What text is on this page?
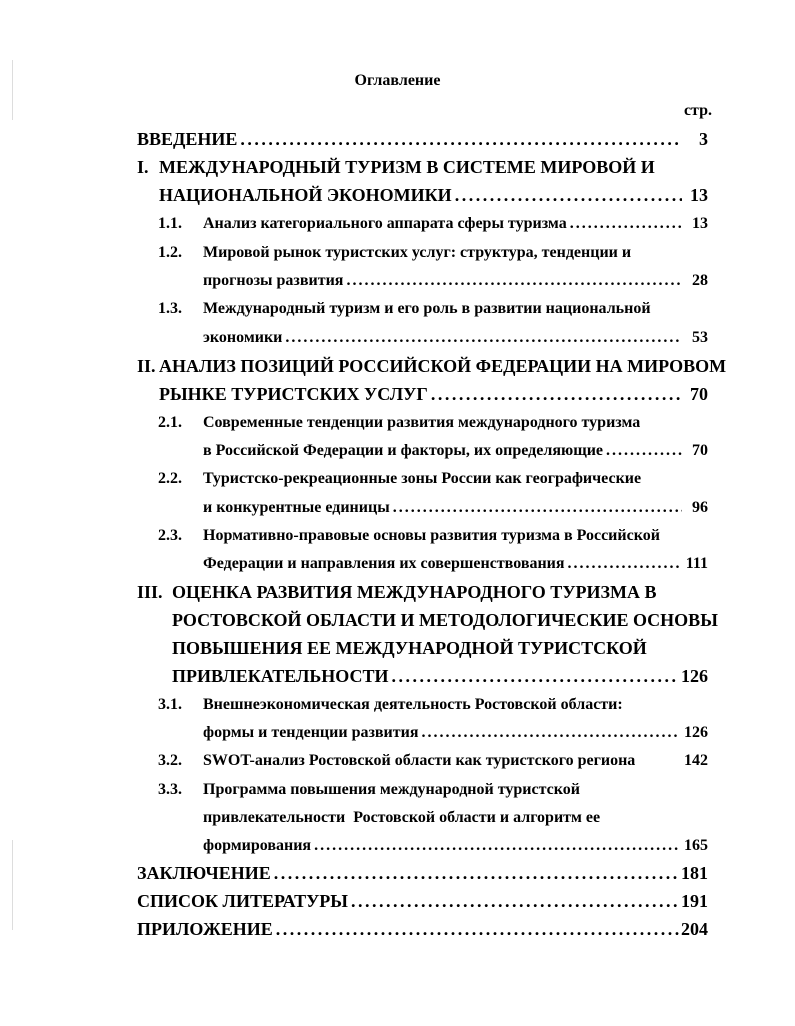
Оглавление
стр.
ВВЕДЕНИЕ . . .	3
I. МЕЖДУНАРОДНЫЙ ТУРИЗМ В СИСТЕМЕ МИРОВОЙ И
НАЦИОНАЛЬНОЙ ЭКОНОМИКИ . . .	13
1.1. Анализ категориального аппарата сферы туризма . . .	13
1.2. Мировой рынок туристских услуг: структура, тенденции и
прогнозы развития . . .	28
1.3. Международный туризм и его роль в развитии национальной
экономики . . .	53
II. АНАЛИЗ ПОЗИЦИЙ РОССИЙСКОЙ ФЕДЕРАЦИИ НА МИРОВОМ
РЫНКЕ ТУРИСТСКИХ УСЛУГ . . .	70
2.1. Современные тенденции развития международного туризма
в Российской Федерации и факторы, их определяющие . . .	70
2.2. Туристско-рекреационные зоны России как географические
и конкурентные единицы . . .	96
2.3. Нормативно-правовые основы развития туризма в Российской
Федерации и направления их совершенствования . . .	111
III. ОЦЕНКА РАЗВИТИЯ МЕЖДУНАРОДНОГО ТУРИЗМА В
РОСТОВСКОЙ ОБЛАСТИ И МЕТОДОЛОГИЧЕСКИЕ ОСНОВЫ
ПОВЫШЕНИЯ ЕЕ МЕЖДУНАРОДНОЙ ТУРИСТСКОЙ
ПРИВЛЕКАТЕЛЬНОСТИ . . .	126
3.1. Внешнеэкономическая деятельность Ростовской области:
формы и тенденции развития . . .	126
3.2. SWOT-анализ Ростовской области как туристского региона	142
3.3. Программа повышения международной туристской
привлекательности  Ростовской области и алгоритм ее
формирования . . .	165
ЗАКЛЮЧЕНИЕ . . .	181
СПИСОК ЛИТЕРАТУРЫ . . .	191
ПРИЛОЖЕНИЕ . . .	204
